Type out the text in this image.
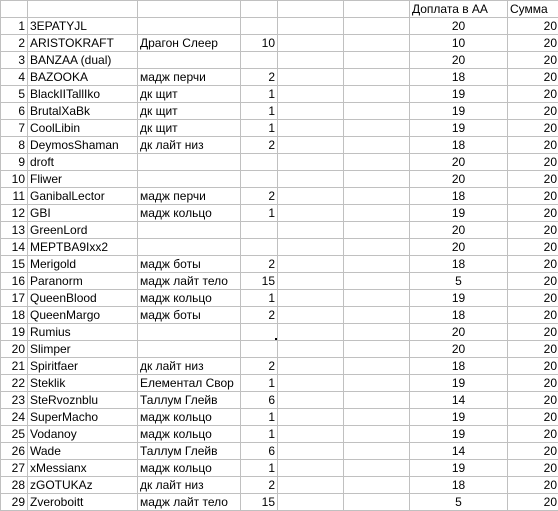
						Доплата в АА	Сумма
1	3EPATYJL					20	20
2	ARISTOKRAFT	Драгон Слеер	10			10	20
3	BANZAA (dual)					20	20
4	BAZOOKA	мадж перчи	2			18	20
5	BlackIITallIko	дк щит	1			19	20
6	BrutalXaBk	дк щит	1			19	20
7	CoolLibin	дк щит	1			19	20
8	DeymosShaman	дк лайт низ	2			18	20
9	droft					20	20
10	Fliwer					20	20
11	GanibalLector	мадж перчи	2			18	20
12	GBI	мадж кольцо	1			19	20
13	GreenLord					20	20
14	MEPTBA9Ixx2					20	20
15	Merigold	мадж боты	2			18	20
16	Paranorm	мадж лайт тело	15			5	20
17	QueenBlood	мадж кольцо	1			19	20
18	QueenMargo	мадж боты	2			18	20
19	Rumius					20	20
20	Slimper					20	20
21	Spiritfaer	дк лайт низ	2			18	20
22	Steklik	Елементал Свор	1			19	20
23	SteRvoznblu	Таллум Глейв	6			14	20
24	SuperMacho	мадж кольцо	1			19	20
25	Vodanoy	мадж кольцо	1			19	20
26	Wade	Таллум Глейв	6			14	20
27	xMessianx	мадж кольцо	1			19	20
28	zGOTUKAz	дк лайт низ	2			18	20
29	Zveroboitt	мадж лайт тело	15			5	20
